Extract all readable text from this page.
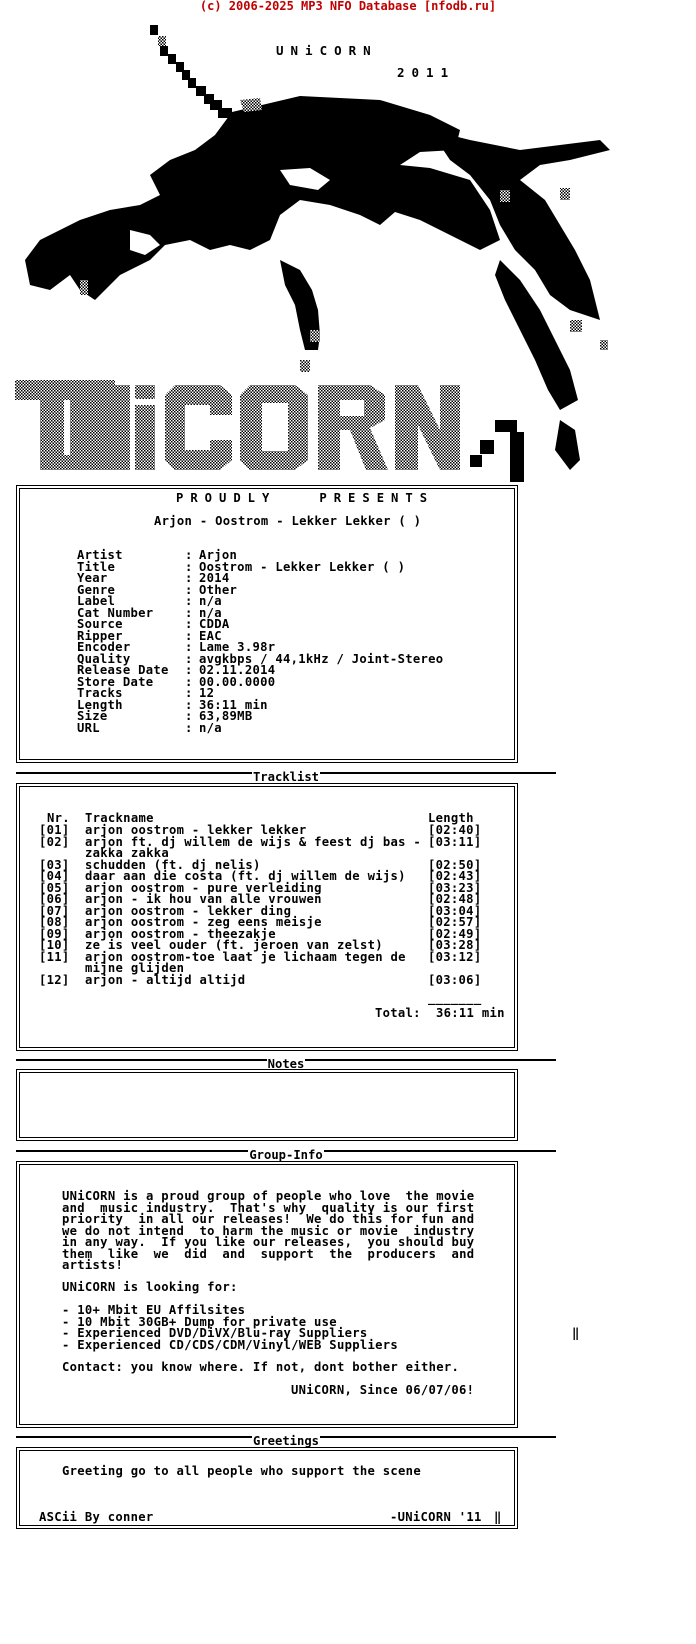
(c) 2006-2025 MP3 NFO Database [nfodb.ru]
UNiCORN
2011
PROUDLY   PRESENTS
Arjon - Oostrom - Lekker Lekker ( )
Tracklist
Nr. Trackname	Length
_______
Total: 36:11 min
Notes
Group-Info
UNiCORN is looking for:
Contact: you know where. If not, dont bother either.
UNiCORN, Since 06/07/06!
‖
Greetings
Greeting go to all people who support the scene
ASCii By conner	-UNiCORN '11 ‖
Artist	: Arjon
Title	: Oostrom - Lekker Lekker ( )
Year	: 2014
Genre	: Other
Label	: n/a
Cat Number	: n/a
Source	: CDDA
Ripper	: EAC
Encoder	: Lame 3.98r
Quality	: avgkbps / 44,1kHz / Joint-Stereo
Release Date : 02.11.2014
Store Date	: 00.00.0000
Tracks	: 12
Length	: 36:11 min
Size	: 63,89MB
URL	: n/a
[01] arjon oostrom - lekker lekker	[02:40]
[02] arjon ft. dj willem de wijs & feest dj bas - [03:11]
zakka zakka
[03] schudden (ft. dj nelis)	[02:50]
[04] daar aan die costa (ft. dj willem de wijs) [02:43]
[05] arjon oostrom - pure verleiding	[03:23]
[06] arjon - ik hou van alle vrouwen	[02:48]
[07] arjon oostrom - lekker ding	[03:04]
[08] arjon oostrom - zeg eens meisje	[02:57]
[09] arjon oostrom - theezakje	[02:49]
[10] ze is veel ouder (ft. jeroen van zelst)	[03:28]
[11] arjon oostrom-toe laat je lichaam tegen de [03:12]
mijne glijden
[12] arjon - altijd altijd	[03:06]
UNiCORN is a proud group of people who love  the movie
and  music industry.  That's why  quality is our first
priority  in all our releases!  We do this for fun and
we do not intend  to harm the music or movie  industry
in any way.  If you like our releases,  you should buy
them  like  we  did  and  support  the  producers  and
artists!
- 10+ Mbit EU Affilsites
- 10 Mbit 30GB+ Dump for private use
- Experienced DVD/DiVX/Blu-ray Suppliers
- Experienced CD/CDS/CDM/Vinyl/WEB Suppliers
